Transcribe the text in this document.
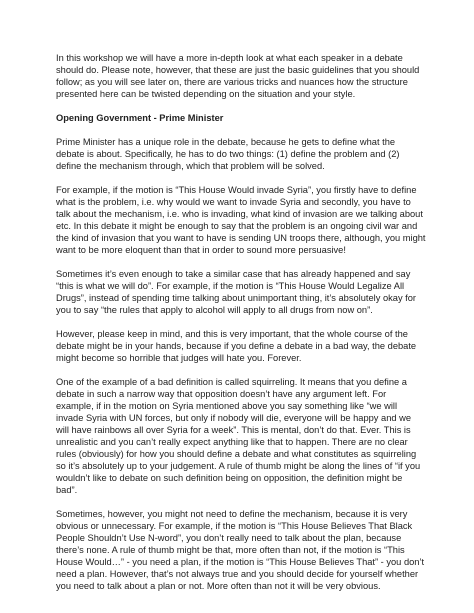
In this workshop we will have a more in-depth look at what each speaker in a debate should do. Please note, however, that these are just the basic guidelines that you should follow; as you will see later on, there are various tricks and nuances how the structure presented here can be twisted depending on the situation and your style.

Opening Government - Prime Minister

Prime Minister has a unique role in the debate, because he gets to define what the debate is about. Specifically, he has to do two things: (1) define the problem and (2) define the mechanism through, which that problem will be solved.

For example, if the motion is “This House Would invade Syria”, you firstly have to define what is the problem, i.e. why would we want to invade Syria and secondly, you have to talk about the mechanism, i.e. who is invading, what kind of invasion are we talking about etc. In this debate it might be enough to say that the problem is an ongoing civil war and the kind of invasion that you want to have is sending UN troops there, although, you might want to be more eloquent than that in order to sound more persuasive!

Sometimes it’s even enough to take a similar case that has already happened and say “this is what we will do”. For example, if the motion is “This House Would Legalize All Drugs”, instead of spending time talking about unimportant thing, it’s absolutely okay for you to say “the rules that apply to alcohol will apply to all drugs from now on”.

However, please keep in mind, and this is very important, that the whole course of the debate might be in your hands, because if you define a debate in a bad way, the debate might become so horrible that judges will hate you. Forever.

One of the example of a bad definition is called squirreling. It means that you define a debate in such a narrow way that opposition doesn’t have any argument left. For example, if in the motion on Syria mentioned above you say something like “we will invade Syria with UN forces, but only if nobody will die, everyone will be happy and we will have rainbows all over Syria for a week”. This is mental, don’t do that. Ever. This is unrealistic and you can’t really expect anything like that to happen. There are no clear rules (obviously) for how you should define a debate and what constitutes as squirreling so it’s absolutely up to your judgement. A rule of thumb might be along the lines of “if you wouldn’t like to debate on such definition being on opposition, the definition might be bad”.

Sometimes, however, you might not need to define the mechanism, because it is very obvious or unnecessary. For example, if the motion is “This House Believes That Black People Shouldn’t Use N-word”, you don’t really need to talk about the plan, because there’s none. A rule of thumb might be that, more often than not, if the motion is “This House Would…” - you need a plan, if the motion is “This House Believes That” - you don’t need a plan. However, that’s not always true and you should decide for yourself whether you need to talk about a plan or not. More often than not it will be very obvious.
